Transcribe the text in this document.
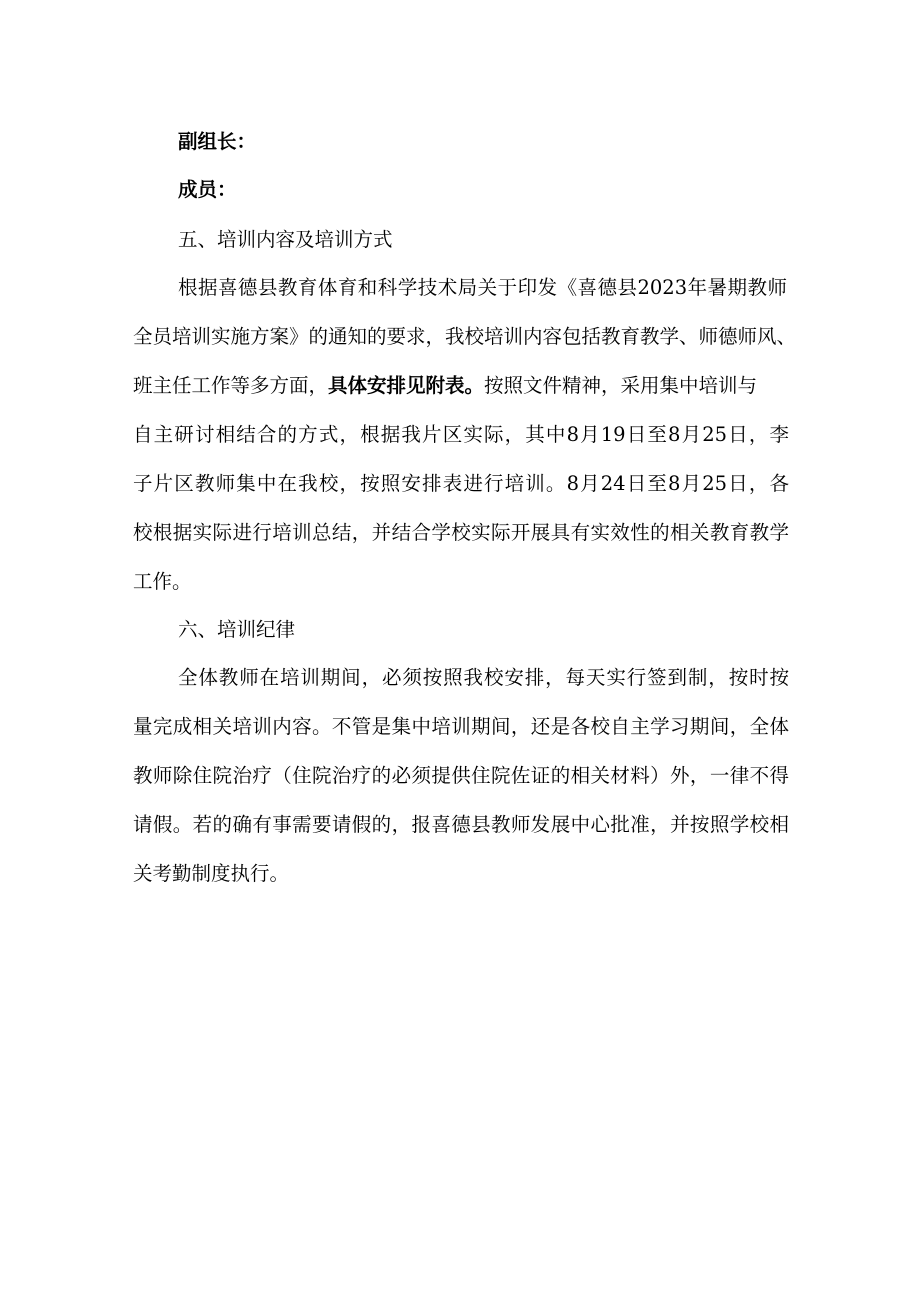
副组长：
成员：
五、培训内容及培训方式
根据喜德县教育体育和科学技术局关于印发《喜德县2023年暑期教师
全员培训实施方案》的通知的要求，我校培训内容包括教育教学、师德师风、
班主任工作等多方面，具体安排见附表。按照文件精神，采用集中培训与
自主研讨相结合的方式，根据我片区实际，其中8月19日至8月25日，李
子片区教师集中在我校，按照安排表进行培训。8月24日至8月25日，各
校根据实际进行培训总结，并结合学校实际开展具有实效性的相关教育教学
工作。
六、培训纪律
全体教师在培训期间，必须按照我校安排，每天实行签到制，按时按
量完成相关培训内容。不管是集中培训期间，还是各校自主学习期间，全体
教师除住院治疗（住院治疗的必须提供住院佐证的相关材料）外，一律不得
请假。若的确有事需要请假的，报喜德县教师发展中心批准，并按照学校相
关考勤制度执行。
